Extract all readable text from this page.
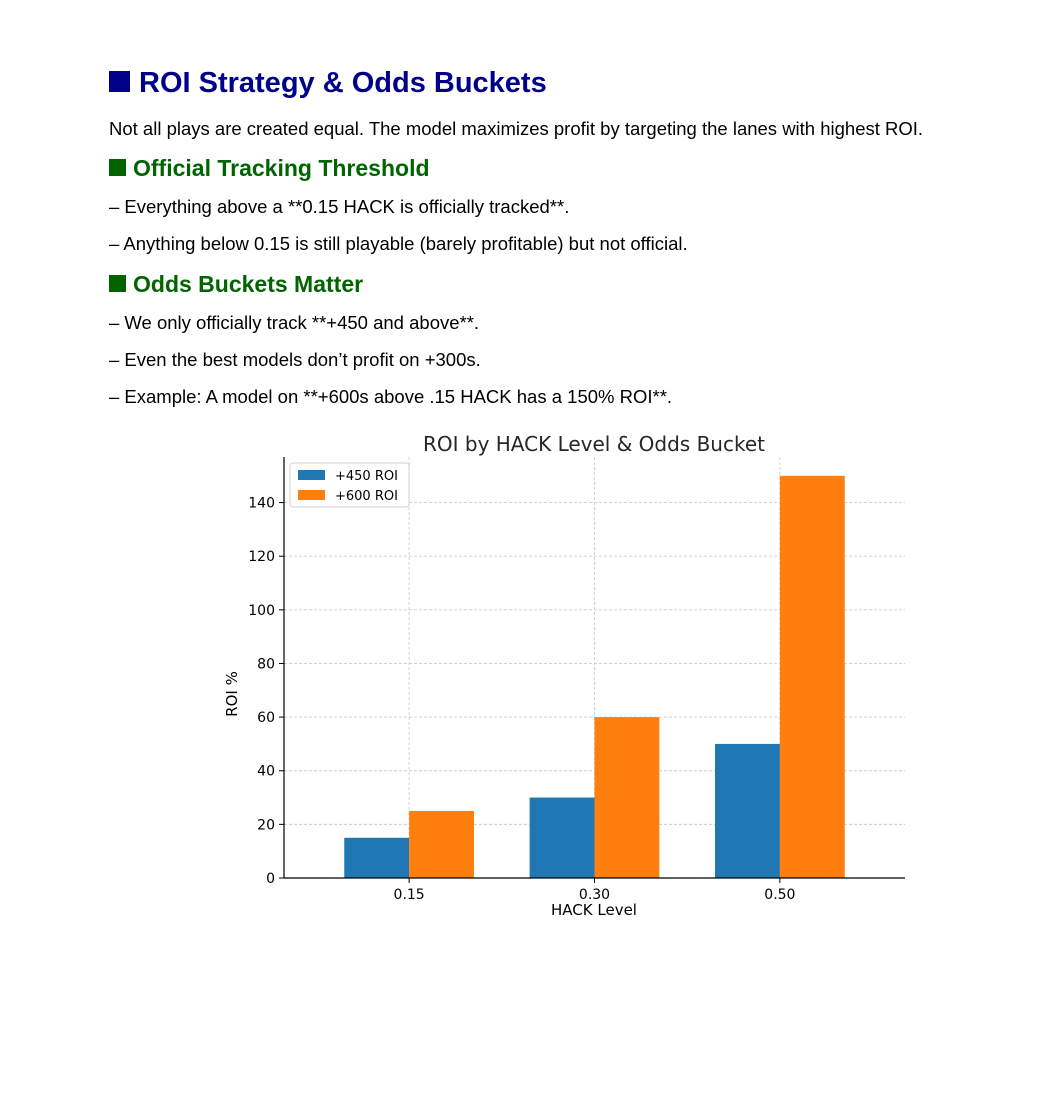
ROI Strategy & Odds Buckets

Not all plays are created equal. The model maximizes profit by targeting the lanes with highest ROI.

Official Tracking Threshold

– Everything above a **0.15 HACK is officially tracked**.

– Anything below 0.15 is still playable (barely profitable) but not official.

Odds Buckets Matter

– We only officially track **+450 and above**.

– Even the best models don’t profit on +300s.

– Example: A model on **+600s above .15 HACK has a 150% ROI**.

0
20
40
60
80
100
120
140
0.15	0.30	0.50
ROI by HACK Level & Odds Bucket
HACK Level
ROI %
+450 ROI
+600 ROI
